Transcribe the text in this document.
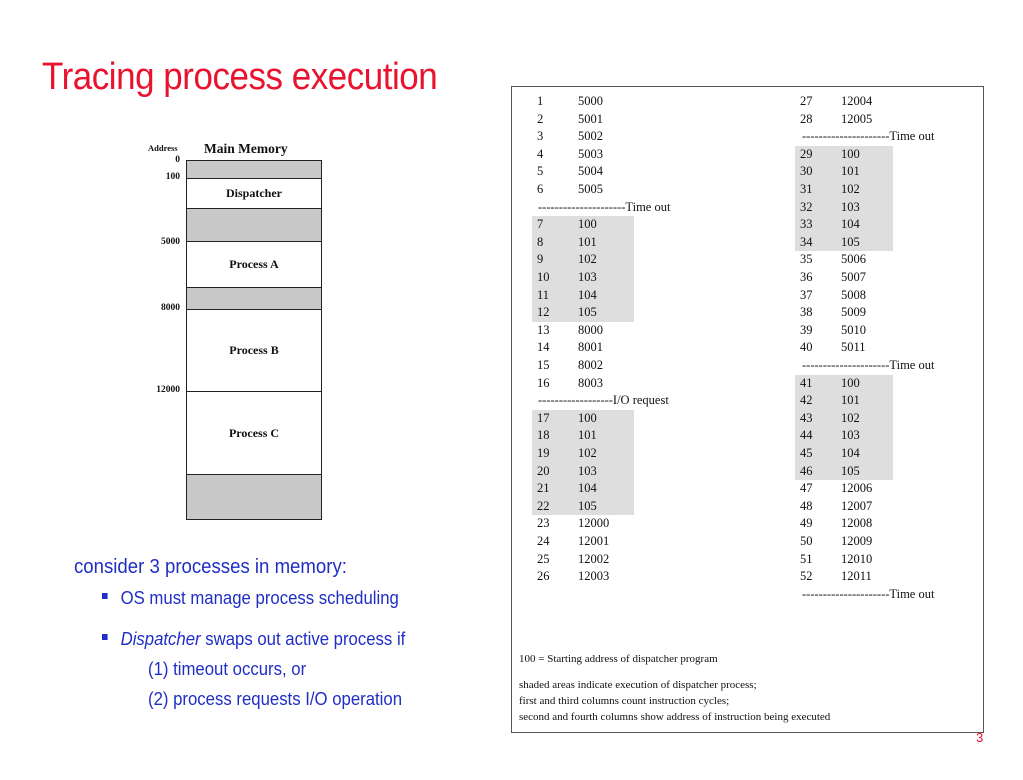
Tracing process execution
Address	Main Memory
0
100
5000
8000
12000
Dispatcher
Process A
Process B
Process C
consider 3 processes in memory:
OS must manage process scheduling
Dispatcher swaps out active process if
(1) timeout occurs, or
(2) process requests I/O operation
1	5000
2	5001
3	5002
4	5003
5	5004
6	5005
---------------------Time out
7	100
8	101
9	102
10 103
11 104
12 105
13 8000
14 8001
15 8002
16 8003
------------------I/O request
17 100
18 101
19 102
20 103
21 104
22 105
23 12000
24 12001
25 12002
26 12003
27 12004
28 12005
---------------------Time out
29 100
30 101
31 102
32 103
33 104
34 105
35 5006
36 5007
37 5008
38 5009
39 5010
40 5011
---------------------Time out
41 100
42 101
43 102
44 103
45 104
46 105
47 12006
48 12007
49 12008
50 12009
51 12010
52 12011
---------------------Time out
100 = Starting address of dispatcher program
shaded areas indicate execution of dispatcher process;
first and third columns count instruction cycles;
second and fourth columns show address of instruction being executed
3
